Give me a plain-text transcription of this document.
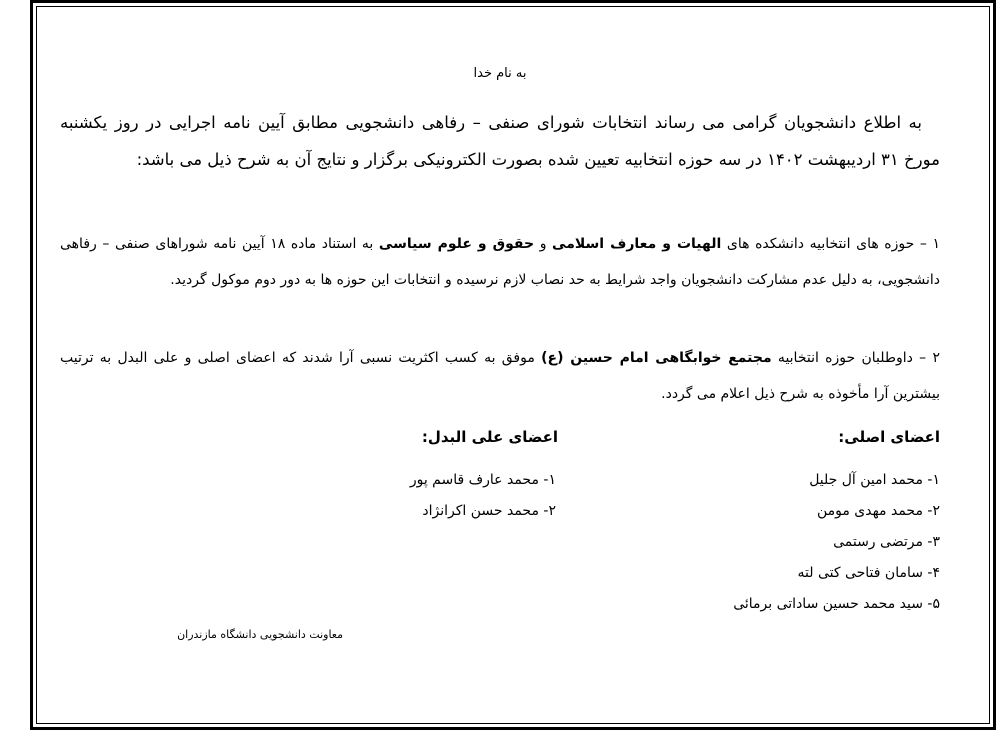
به نام خدا

به اطلاع دانشجویان گرامی می رساند انتخابات شورای صنفی – رفاهی دانشجویی مطابق آیین نامه اجرایی در روز یکشنبه مورخ ۳۱ اردیبهشت ۱۴۰۲ در سه حوزه انتخابیه تعیین شده بصورت الکترونیکی برگزار و نتایج آن به شرح ذیل می باشد:

۱ – حوزه های انتخابیه دانشکده های الهیات و معارف اسلامی و حقوق و علوم سیاسی به استناد ماده ۱۸ آیین نامه شوراهای صنفی – رفاهی دانشجویی، به دلیل عدم مشارکت دانشجویان واجد شرایط به حد نصاب لازم نرسیده و انتخابات این حوزه ها به دور دوم موکول گردید.

۲ – داوطلبان حوزه انتخابیه مجتمع خوابگاهی امام حسین (ع) موفق به کسب اکثریت نسبی آرا شدند که اعضای اصلی و علی البدل به ترتیب بیشترین آرا مأخوذه به شرح ذیل اعلام می گردد.

اعضای اصلی:
اعضای علی البدل:
۱- محمد امین آل جلیل
۲- محمد مهدی مومن
۳- مرتضی رستمی
۴- سامان فتاحی کتی لته
۵- سید محمد حسین ساداتی برمائی
۱- محمد عارف قاسم پور
۲- محمد حسن اکرانژاد
معاونت دانشجویی دانشگاه مازندران
